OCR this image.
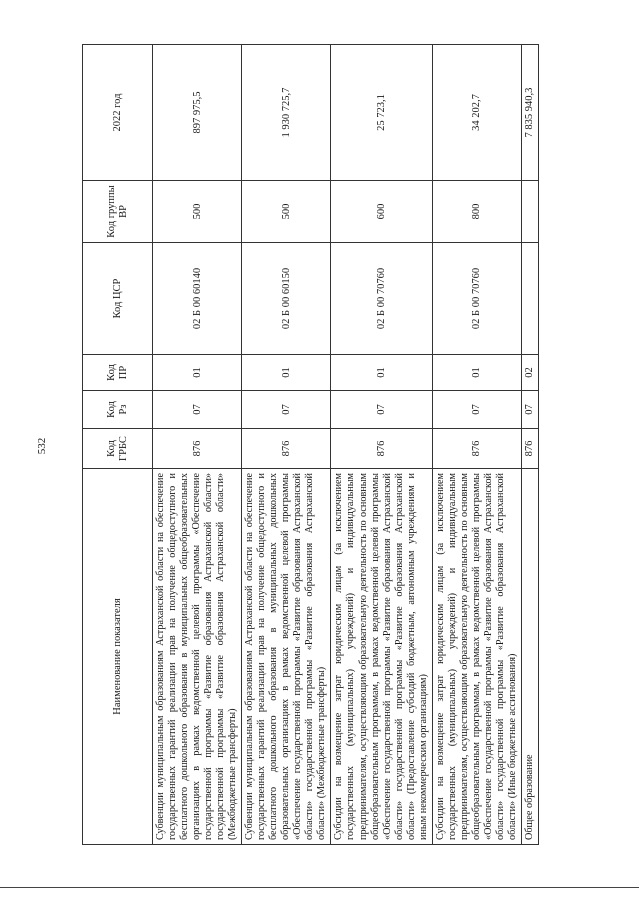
532
Наименование показателя	Код ГРБС	Код Рз	Код ПР	Код ЦСР	Код группы ВР	2022 год
Субвенции муниципальным образованиям Астраханской области на обеспечение государственных гарантий реализации прав на получение общедоступного и бесплатного дошкольного образования в муниципальных общеобразовательных организациях в рамках ведомственной целевой программы «Обеспечение государственной программы «Развитие образования Астраханской области» государственной программы «Развитие образования Астраханской области» (Межбюджетные трансферты)	876	07	01	02 Б 00 60140	500	897 975,5
Субвенции муниципальным образованиям Астраханской области на обеспечение государственных гарантий реализации прав на получение общедоступного и бесплатного дошкольного образования в муниципальных дошкольных образовательных организациях в рамках ведомственной целевой программы «Обеспечение государственной программы «Развитие образования Астраханской области» государственной программы «Развитие образования Астраханской области» (Межбюджетные трансферты)	876	07	01	02 Б 00 60150	500	1 930 725,7
Субсидии на возмещение затрат юридическим лицам (за исключением государственных (муниципальных) учреждений) и индивидуальным предпринимателям, осуществляющим образовательную деятельность по основным общеобразовательным программам, в рамках ведомственной целевой программы «Обеспечение государственной программы «Развитие образования Астраханской области» государственной программы «Развитие образования Астраханской области» (Предоставление субсидий бюджетным, автономным учреждениям и иным некоммерческим организациям)	876	07	01	02 Б 00 70760	600	25 723,1
Субсидии на возмещение затрат юридическим лицам (за исключением государственных (муниципальных) учреждений) и индивидуальным предпринимателям, осуществляющим образовательную деятельность по основным общеобразовательным программам, в рамках ведомственной целевой программы «Обеспечение государственной программы «Развитие образования Астраханской области» государственной программы «Развитие образования Астраханской области» (Иные бюджетные ассигнования)	876	07	01	02 Б 00 70760	800	34 202,7
Общее образование	876	07	02			7 835 940,3
